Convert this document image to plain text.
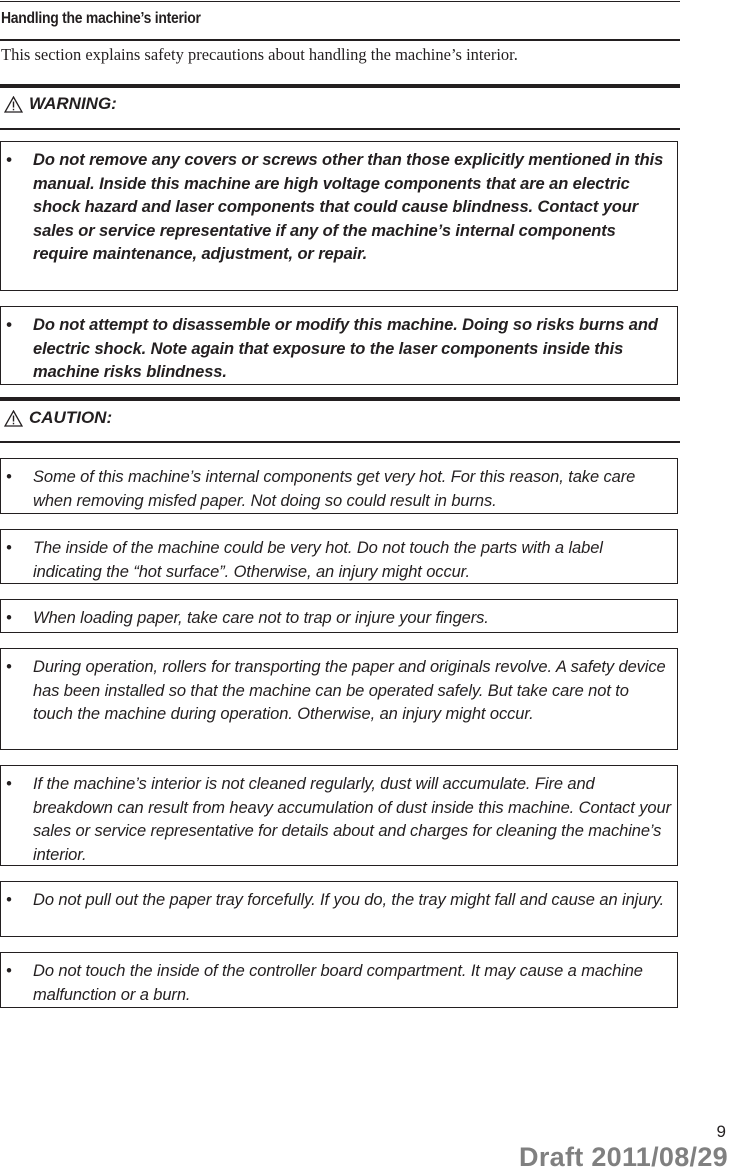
Handling the machine’s interior
This section explains safety precautions about handling the machine’s interior.
WARNING:
• Do not remove any covers or screws other than those explicitly mentioned in this manual. Inside this machine are high voltage components that are an electric shock hazard and laser components that could cause blindness. Contact your sales or service representative if any of the machine’s internal components require maintenance, adjustment, or repair.
• Do not attempt to disassemble or modify this machine. Doing so risks burns and electric shock. Note again that exposure to the laser components inside this machine risks blindness.
CAUTION:
• Some of this machine’s internal components get very hot. For this reason, take care when removing misfed paper. Not doing so could result in burns.
• The inside of the machine could be very hot. Do not touch the parts with a label indicating the “hot surface”. Otherwise, an injury might occur.
• When loading paper, take care not to trap or injure your fingers.
• During operation, rollers for transporting the paper and originals revolve. A safety device has been installed so that the machine can be operated safely. But take care not to touch the machine during operation. Otherwise, an injury might occur.
• If the machine’s interior is not cleaned regularly, dust will accumulate. Fire and breakdown can result from heavy accumulation of dust inside this machine. Contact your sales or service representative for details about and charges for cleaning the machine’s interior.
• Do not pull out the paper tray forcefully. If you do, the tray might fall and cause an injury.
• Do not touch the inside of the controller board compartment. It may cause a machine malfunction or a burn.
9
Draft 2011/08/29
